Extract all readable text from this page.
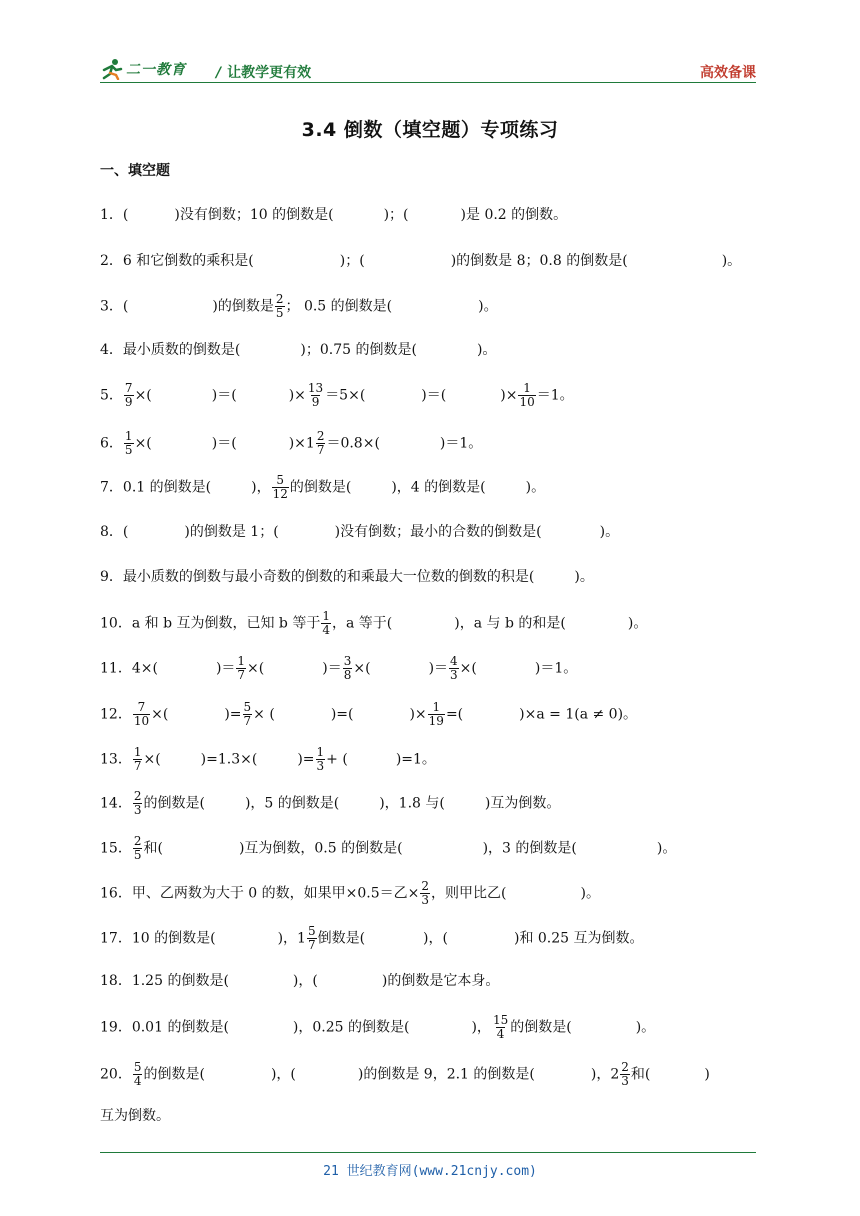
二一教育 / 让教学更有效	高效备课
3.4 倒数（填空题）专项练习
一、填空题
1．(	)没有倒数；10 的倒数是(	)；(	)是 0.2 的倒数。
2．6 和它倒数的乘积是(	)；(	)的倒数是 8；0.8 的倒数是(	)。
3．(	)的倒数是 $\frac{2}{5}$ ； 0.5 的倒数是(	)。
4．最小质数的倒数是(	)；0.75 的倒数是(	)。
5． $\frac{7}{9}$ ×(	)＝(	)× $\frac{13}{9} =5\times$(	)＝(	)× $\frac{1}{10} =1$。
6． $\frac{1}{5}$ ×(	)＝(	)$\times 1 \frac{2}{7} =0.8\times$(	)＝1。
7．0.1 的倒数是(	)， $\frac{5}{12}$ 的倒数是(	)，4 的倒数是(	)。
8．(	)的倒数是 1；(	)没有倒数；最小的合数的倒数是(	)。
9．最小质数的倒数与最小奇数的倒数的和乘最大一位数的倒数的积是(	)。
10．a 和 b 互为倒数，已知 b 等于 $\frac{1}{4}$ ，a 等于(	)，a 与 b 的和是(	)。
11．4×(	)＝ $\frac{1}{7}$ ×(	)＝ $\frac{3}{8}$ ×(	)＝ $\frac{4}{3}$ ×(	)＝1。
12． $\frac{7}{10}$ ×(	)= $\frac{5}{7}$ × (	)=(	)× $\frac{1}{19}$ =(	)×a = 1(a ≠ 0)。
13． $\frac{1}{7}$ ×(	)=1.3×(	)= $\frac{1}{3}$ + (	)=1。
14． $\frac{2}{3}$ 的倒数是(	)，5 的倒数是(	)，1.8 与(	)互为倒数。
15． $\frac{2}{5}$ 和(	)互为倒数，0.5 的倒数是(	)，3 的倒数是(	)。
16．甲、乙两数为大于 0 的数，如果甲×0.5＝乙× $\frac{2}{3}$ ，则甲比乙(	)。
17．10 的倒数是(	)，$1 \frac{5}{7}$ 倒数是(	)，(	)和 0.25 互为倒数。
18．1.25 的倒数是(	)，(	)的倒数是它本身。
19．0.01 的倒数是(	)，0.25 的倒数是(	)， $\frac{15}{4}$ 的倒数是(	)。
20． $\frac{5}{4}$ 的倒数是(	)，(	)的倒数是 9，2.1 的倒数是(	)，$2 \frac{2}{3}$ 和(	)
互为倒数。
21 世纪教育网(www.21cnjy.com)
